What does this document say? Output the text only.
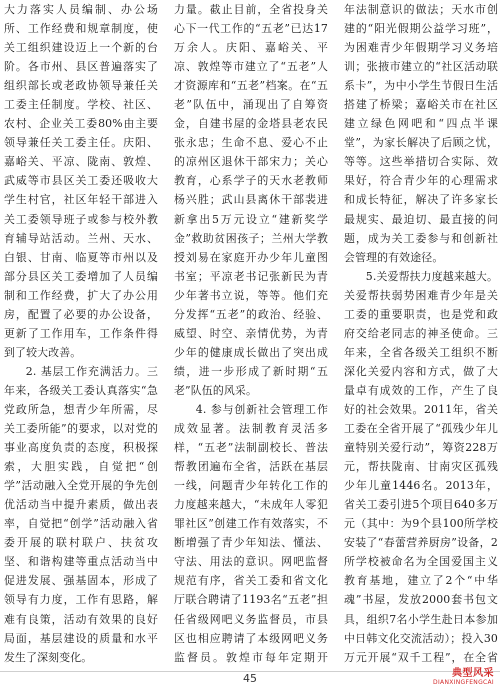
大力落实人员编制、办公场所、工作经费和规章制度，使关工组织建设迈上一个新的台阶。各市州、县区普遍落实了组织部长或老政协领导兼任关工委主任制度。学校、社区、农村、企业关工委80%由主要领导兼任关工委主任。庆阳、嘉峪关、平凉、陇南、敦煌、武威等市县区关工委还吸收大学生村官，社区年轻干部进入关工委领导班子或参与校外教育辅导站活动。兰州、天水、白银、甘南、临夏等市州以及部分县区关工委增加了人员编制和工作经费，扩大了办公用房，配置了必要的办公设备，更新了工作用车，工作条件得到了较大改善。

2. 基层工作充满活力。三年来，各级关工委认真落实“急党政所急，想青少年所需，尽关工委所能”的要求，以对党的事业高度负责的态度，积极探索，大胆实践，自觉把“创学”活动融入全党开展的争先创优活动当中提升素质，做出表率，自觉把“创学”活动融入省委开展的联村联户、扶贫攻坚、和谐构建等重点活动当中促进发展、强基固本，形成了领导有力度，工作有思路，解难有良策，活动有效果的良好局面，基层建设的质量和水平发生了深刻变化。

力量。截止目前，全省投身关心下一代工作的“五老”已达17万余人。庆阳、嘉峪关、平凉、敦煌等市建立了“五老”人才资源库和“五老”档案。在“五老”队伍中，涌现出了自筹资金，自建书屋的金塔县老农民张永忠；生命不息、爱心不止的凉州区退休干部宋力；关心教育，心系学子的天水老教师杨兴胜；武山县离休干部裴进新拿出5万元设立“建新奖学金”救助贫困孩子；兰州大学教授刘易在家庭开办少年儿童图书室；平凉老书记张新民为青少年著书立说，等等。他们充分发挥“五老”的政治、经验、威望、时空、亲情优势，为青少年的健康成长做出了突出成绩，进一步形成了新时期“五老”队伍的风采。

4. 参与创新社会管理工作成效显著。法制教育灵活多样，“五老”法制副校长、普法帮教团遍布全省，活跃在基层一线，问题青少年转化工作的力度越来越大，“未成年人零犯罪社区”创建工作有效落实，不断增强了青少年知法、懂法、守法、用法的意识。网吧监督规范有序，省关工委和省文化厅联合聘请了1193名“五老”担任省级网吧义务监督员，市县区也相应聘请了本级网吧义务监督员。敦煌市每年定期开

年法制意识的做法；天水市创建的“阳光假期公益学习班”，为困难青少年假期学习义务培训；张掖市建立的“社区活动联系卡”，为中小学生节假日生活搭建了桥梁；嘉峪关市在社区建立绿色网吧和“四点半课堂”，为家长解决了后顾之忧，等等。这些举措切合实际、效果好，符合青少年的心理需求和成长特征，解决了许多家长最规实、最迫切、最直接的问题，成为关工委参与和创新社会管理的有效途径。

5.关爱帮扶力度越来越大。关爱帮扶弱势困难青少年是关工委的重要职责，也是党和政府交给老同志的神圣使命。三年来，全省各级关工组织不断深化关爱内容和方式，做了大量卓有成效的工作，产生了良好的社会效果。2011年，省关工委在全省开展了“孤残少年儿童特别关爱行动”，筹资228万元，帮扶陇南、甘南灾区孤残少年儿童1446名。2013年，省关工委引进5个项目640多万元（其中：为9个县100所学校安装了“春蕾营养厨房”设备，2所学校被命名为全国爱国主义教育基地，建立了2个“中华魂”书屋，发放2000套书包文具，组织7名小学生赴日本参加中日韩文化交流活动）；投入30万元开展“双千工程”，在全省

45	典型风采
DIANXINGFENGCAI
